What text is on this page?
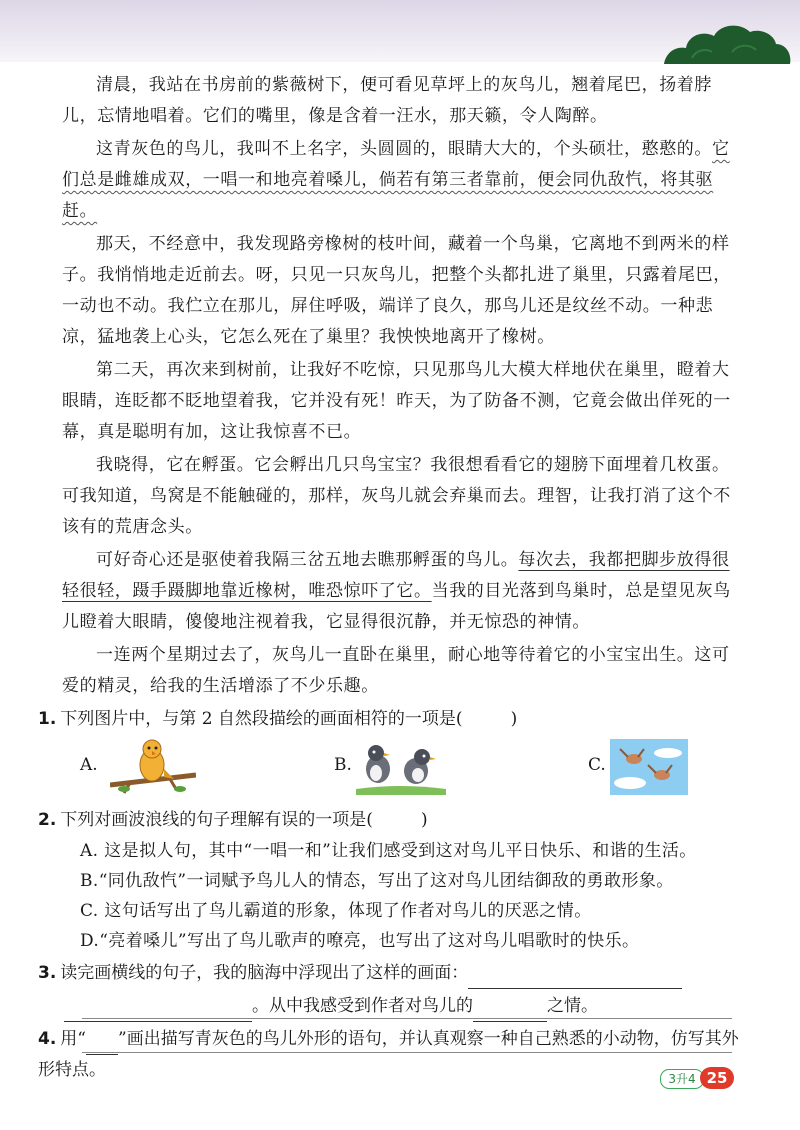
清晨，我站在书房前的紫薇树下，便可看见草坪上的灰鸟儿，翘着尾巴，扬着脖儿，忘情地唱着。它们的嘴里，像是含着一汪水，那天籁，令人陶醉。

这青灰色的鸟儿，我叫不上名字，头圆圆的，眼睛大大的，个头硕壮，憨憨的。它们总是雌雄成双，一唱一和地亮着嗓儿，倘若有第三者靠前，便会同仇敌忾，将其驱赶。

那天，不经意中，我发现路旁橡树的枝叶间，藏着一个鸟巢，它离地不到两米的样子。我悄悄地走近前去。呀，只见一只灰鸟儿，把整个头都扎进了巢里，只露着尾巴，一动也不动。我伫立在那儿，屏住呼吸，端详了良久，那鸟儿还是纹丝不动。一种悲凉，猛地袭上心头，它怎么死在了巢里？我怏怏地离开了橡树。

第二天，再次来到树前，让我好不吃惊，只见那鸟儿大模大样地伏在巢里，瞪着大眼睛，连眨都不眨地望着我，它并没有死！昨天，为了防备不测，它竟会做出佯死的一幕，真是聪明有加，这让我惊喜不已。

我晓得，它在孵蛋。它会孵出几只鸟宝宝？我很想看看它的翅膀下面埋着几枚蛋。可我知道，鸟窝是不能触碰的，那样，灰鸟儿就会弃巢而去。理智，让我打消了这个不该有的荒唐念头。

可好奇心还是驱使着我隔三岔五地去瞧那孵蛋的鸟儿。每次去，我都把脚步放得很轻很轻，蹑手蹑脚地靠近橡树，唯恐惊吓了它。当我的目光落到鸟巢时，总是望见灰鸟儿瞪着大眼睛，傻傻地注视着我，它显得很沉静，并无惊恐的神情。

一连两个星期过去了，灰鸟儿一直卧在巢里，耐心地等待着它的小宝宝出生。这可爱的精灵，给我的生活增添了不少乐趣。

1. 下列图片中，与第 2 自然段描绘的画面相符的一项是(	)

A.	B.	C.

2. 下列对画波浪线的句子理解有误的一项是(	)

A. 这是拟人句，其中“一唱一和”让我们感受到这对鸟儿平日快乐、和谐的生活。

B.“同仇敌忾”一词赋予鸟儿人的情态，写出了这对鸟儿团结御敌的勇敢形象。

C. 这句话写出了鸟儿霸道的形象，体现了作者对鸟儿的厌恶之情。

D.“亮着嗓儿”写出了鸟儿歌声的嘹亮，也写出了这对鸟儿唱歌时的快乐。

3. 读完画横线的句子，我的脑海中浮现出了这样的画面：

。从中我感受到作者对鸟儿的	之情。

4. 用“ ”画出描写青灰色的鸟儿外形的语句，并认真观察一种自己熟悉的小动物，仿写其外形特点。	3升4 25
